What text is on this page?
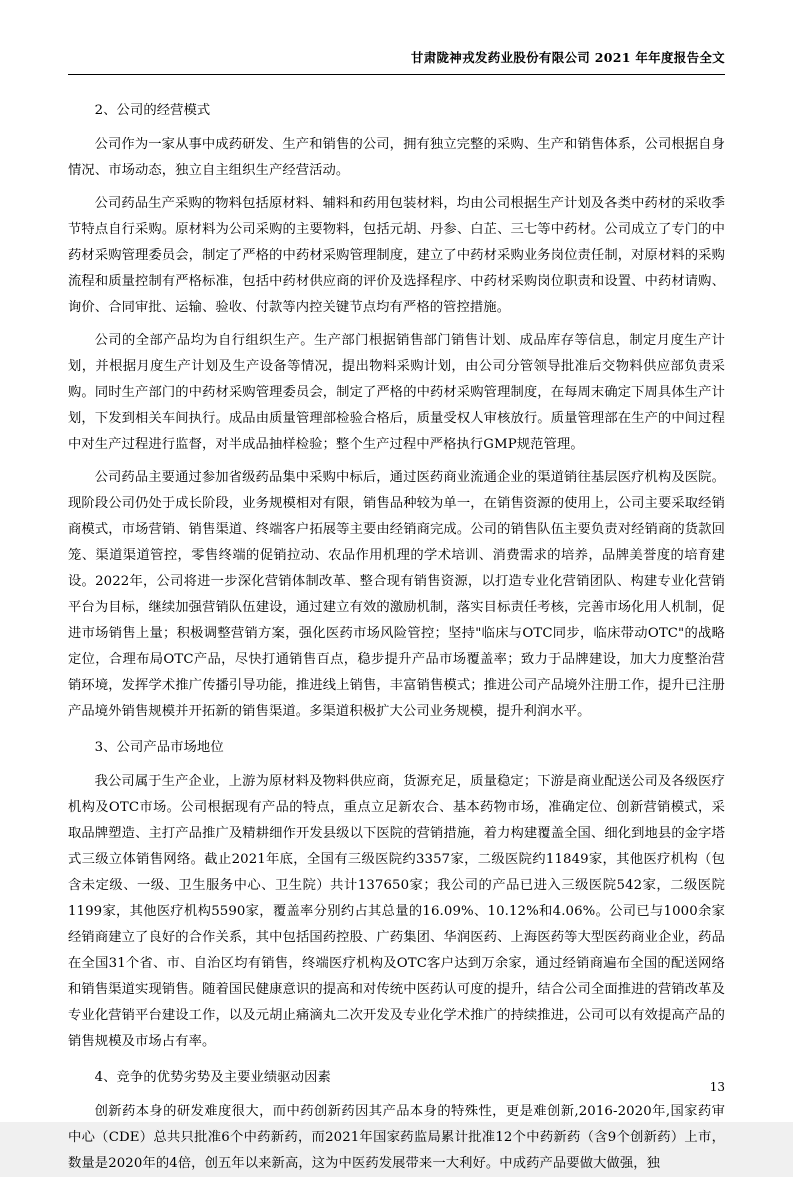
甘肃陇神戎发药业股份有限公司 2021 年年度报告全文

2、公司的经营模式

公司作为一家从事中成药研发、生产和销售的公司，拥有独立完整的采购、生产和销售体系，公司根据自身情况、市场动态，独立自主组织生产经营活动。

公司药品生产采购的物料包括原材料、辅料和药用包装材料，均由公司根据生产计划及各类中药材的采收季节特点自行采购。原材料为公司采购的主要物料，包括元胡、丹参、白芷、三七等中药材。公司成立了专门的中药材采购管理委员会，制定了严格的中药材采购管理制度，建立了中药材采购业务岗位责任制，对原材料的采购流程和质量控制有严格标准，包括中药材供应商的评价及选择程序、中药材采购岗位职责和设置、中药材请购、询价、合同审批、运输、验收、付款等内控关键节点均有严格的管控措施。

公司的全部产品均为自行组织生产。生产部门根据销售部门销售计划、成品库存等信息，制定月度生产计划，并根据月度生产计划及生产设备等情况，提出物料采购计划，由公司分管领导批准后交物料供应部负责采购。同时生产部门的中药材采购管理委员会，制定了严格的中药材采购管理制度，在每周末确定下周具体生产计划，下发到相关车间执行。成品由质量管理部检验合格后，质量受权人审核放行。质量管理部在生产的中间过程中对生产过程进行监督，对半成品抽样检验；整个生产过程中严格执行GMP规范管理。

公司药品主要通过参加省级药品集中采购中标后，通过医药商业流通企业的渠道销往基层医疗机构及医院。现阶段公司仍处于成长阶段，业务规模相对有限，销售品种较为单一，在销售资源的使用上，公司主要采取经销商模式，市场营销、销售渠道、终端客户拓展等主要由经销商完成。公司的销售队伍主要负责对经销商的货款回笼、渠道渠道管控，零售终端的促销拉动、农品作用机理的学术培训、消费需求的培养，品牌美誉度的培育建设。2022年，公司将进一步深化营销体制改革、整合现有销售资源，以打造专业化营销团队、构建专业化营销平台为目标，继续加强营销队伍建设，通过建立有效的激励机制，落实目标责任考核，完善市场化用人机制，促进市场销售上量；积极调整营销方案，强化医药市场风险管控；坚持"临床与OTC同步，临床带动OTC"的战略定位，合理布局OTC产品，尽快打通销售百点，稳步提升产品市场覆盖率；致力于品牌建设，加大力度整治营销环境，发挥学术推广传播引导功能，推进线上销售，丰富销售模式；推进公司产品境外注册工作，提升已注册产品境外销售规模并开拓新的销售渠道。多渠道积极扩大公司业务规模，提升利润水平。

3、公司产品市场地位

我公司属于生产企业，上游为原材料及物料供应商，货源充足，质量稳定；下游是商业配送公司及各级医疗机构及OTC市场。公司根据现有产品的特点，重点立足新农合、基本药物市场，准确定位、创新营销模式，采取品牌塑造、主打产品推广及精耕细作开发县级以下医院的营销措施，着力构建覆盖全国、细化到地县的金字塔式三级立体销售网络。截止2021年底，全国有三级医院约3357家，二级医院约11849家，其他医疗机构（包含未定级、一级、卫生服务中心、卫生院）共计137650家；我公司的产品已进入三级医院542家，二级医院1199家，其他医疗机构5590家，覆盖率分别约占其总量的16.09%、10.12%和4.06%。公司已与1000余家经销商建立了良好的合作关系，其中包括国药控股、广药集团、华润医药、上海医药等大型医药商业企业，药品在全国31个省、市、自治区均有销售，终端医疗机构及OTC客户达到万余家，通过经销商遍布全国的配送网络和销售渠道实现销售。随着国民健康意识的提高和对传统中医药认可度的提升，结合公司全面推进的营销改革及专业化营销平台建设工作，以及元胡止痛滴丸二次开发及专业化学术推广的持续推进，公司可以有效提高产品的销售规模及市场占有率。

4、竞争的优势劣势及主要业绩驱动因素

创新药本身的研发难度很大，而中药创新药因其产品本身的特殊性，更是难创新,2016-2020年,国家药审中心（CDE）总共只批准6个中药新药，而2021年国家药监局累计批准12个中药新药（含9个创新药）上市，数量是2020年的4倍，创五年以来新高，这为中医药发展带来一大利好。中成药产品要做大做强，独

13
